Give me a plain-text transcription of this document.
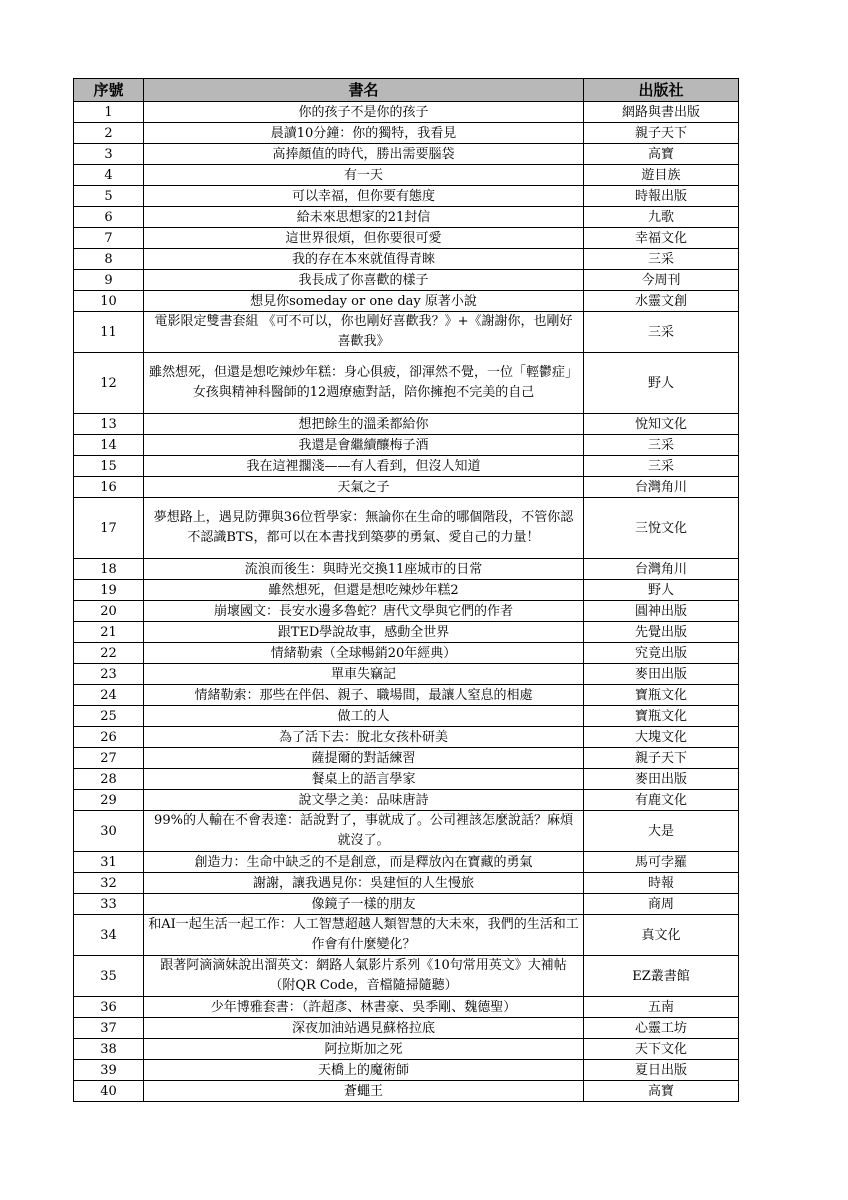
序號	書名	出版社
1	你的孩子不是你的孩子	網路與書出版
2	晨讀10分鐘：你的獨特，我看見	親子天下
3	高捧顏值的時代，勝出需要腦袋	高寶
4	有一天	遊目族
5	可以幸福，但你要有態度	時報出版
6	給未來思想家的21封信	九歌
7	這世界很煩，但你要很可愛	幸福文化
8	我的存在本來就值得青睞	三采
9	我長成了你喜歡的樣子	今周刊
10	想見你someday or one day 原著小說	水靈文創
11	電影限定雙書套組 《可不可以，你也剛好喜歡我？》+《謝謝你，也剛好喜歡我》	三采
12	雖然想死，但還是想吃辣炒年糕：身心俱疲，卻渾然不覺，一位「輕鬱症」女孩與精神科醫師的12週療癒對話，陪你擁抱不完美的自己	野人
13	想把餘生的溫柔都給你	悅知文化
14	我還是會繼續釀梅子酒	三采
15	我在這裡擱淺——有人看到，但沒人知道	三采
16	天氣之子	台灣角川
17	夢想路上，遇見防彈與36位哲學家：無論你在生命的哪個階段，不管你認不認識BTS，都可以在本書找到築夢的勇氣、愛自己的力量！	三悅文化
18	流浪而後生：與時光交換11座城市的日常	台灣角川
19	雖然想死，但還是想吃辣炒年糕2	野人
20	崩壞國文：長安水邊多魯蛇？唐代文學與它們的作者	圓神出版
21	跟TED學說故事，感動全世界	先覺出版
22	情緒勒索（全球暢銷20年經典）	究竟出版
23	單車失竊記	麥田出版
24	情緒勒索：那些在伴侶、親子、職場間，最讓人窒息的相處	寶瓶文化
25	做工的人	寶瓶文化
26	為了活下去：脫北女孩朴研美	大塊文化
27	薩提爾的對話練習	親子天下
28	餐桌上的語言學家	麥田出版
29	說文學之美：品味唐詩	有鹿文化
30	99%的人輸在不會表達：話說對了，事就成了。公司裡該怎麼說話？麻煩就沒了。	大是
31	創造力：生命中缺乏的不是創意，而是釋放內在寶藏的勇氣	馬可孛羅
32	謝謝，讓我遇見你：吳建恒的人生慢旅	時報
33	像鏡子一樣的朋友	商周
34	和AI一起生活一起工作：人工智慧超越人類智慧的大未來，我們的生活和工作會有什麼變化？	真文化
35	跟著阿滴滴妹說出溜英文：網路人氣影片系列《10句常用英文》大補帖（附QR Code，音檔隨掃隨聽）	EZ叢書館
36	少年博雅套書：（許超彥、林書豪、吳季剛、魏德聖）	五南
37	深夜加油站遇見蘇格拉底	心靈工坊
38	阿拉斯加之死	天下文化
39	天橋上的魔術師	夏日出版
40	蒼蠅王	高寶
